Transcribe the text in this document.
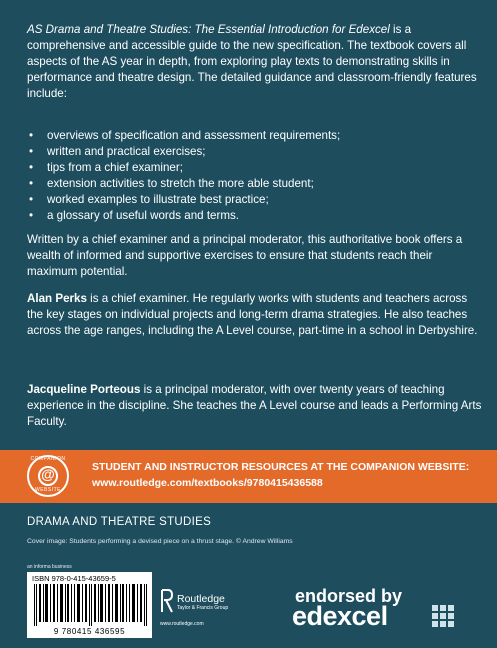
AS Drama and Theatre Studies: The Essential Introduction for Edexcel is a comprehensive and accessible guide to the new specification. The textbook covers all aspects of the AS year in depth, from exploring play texts to demonstrating skills in performance and theatre design. The detailed guidance and classroom-friendly features include:

• overviews of specification and assessment requirements;
• written and practical exercises;
• tips from a chief examiner;
• extension activities to stretch the more able student;
• worked examples to illustrate best practice;
• a glossary of useful words and terms.

Written by a chief examiner and a principal moderator, this authoritative book offers a wealth of informed and supportive exercises to ensure that students reach their maximum potential.

Alan Perks is a chief examiner. He regularly works with students and teachers across the key stages on individual projects and long-term drama strategies. He also teaches across the age ranges, including the A Level course, part-time in a school in Derbyshire.

Jacqueline Porteous is a principal moderator, with over twenty years of teaching experience in the discipline. She teaches the A Level course and leads a Performing Arts Faculty.

COMPANION
@
WEBSITE
STUDENT AND INSTRUCTOR RESOURCES AT THE COMPANION WEBSITE:
www.routledge.com/textbooks/9780415436588
DRAMA AND THEATRE STUDIES
Cover image: Students performing a devised piece on a thrust stage. © Andrew Williams
an informa business
ISBN 978-0-415-43659-5
9 780415 436595
Routledge
Taylor & Francis Group
www.routledge.com
endorsed by
edexcel
